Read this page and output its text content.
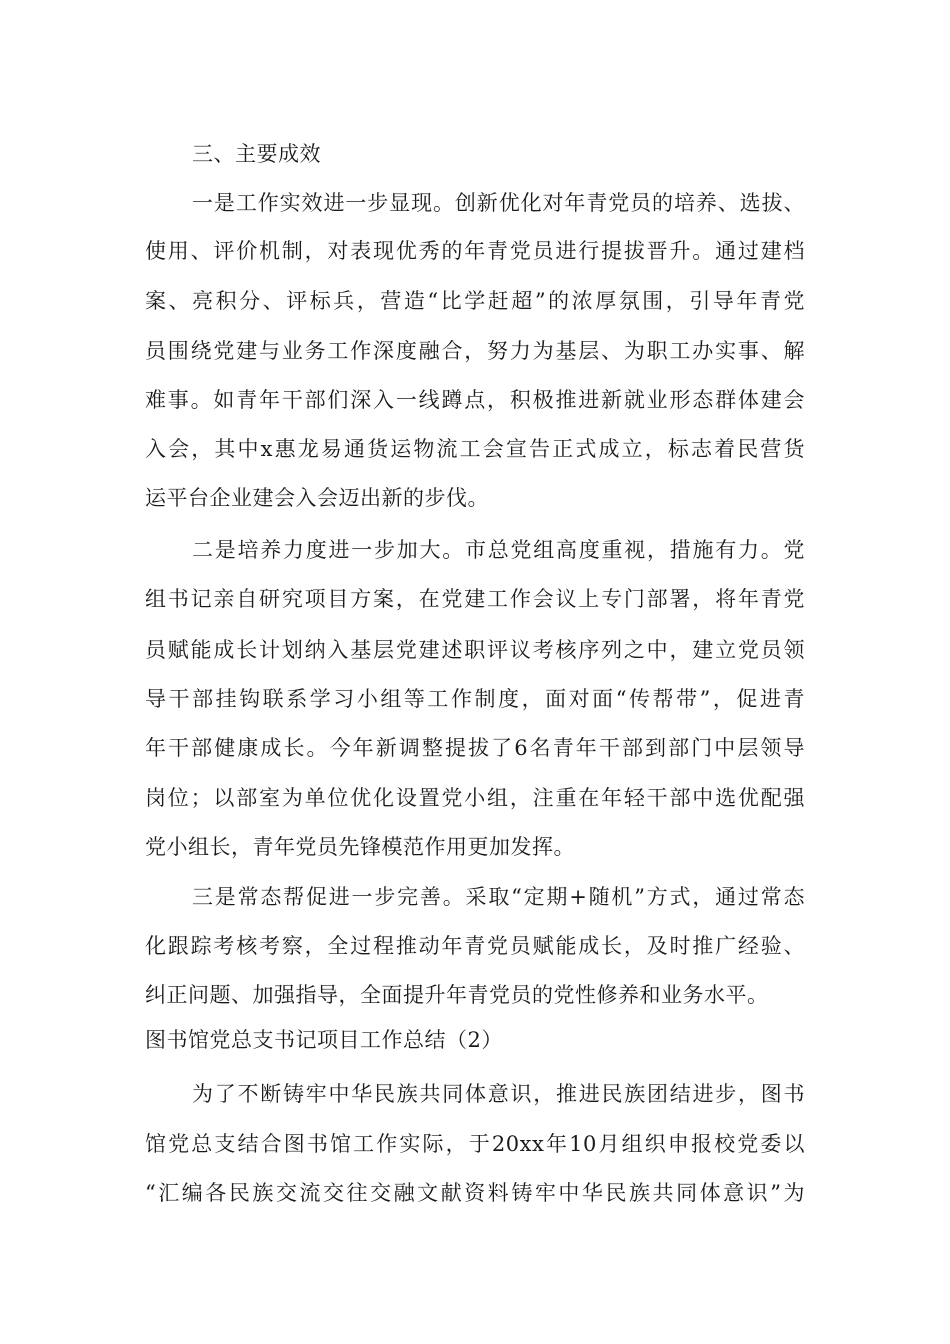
三、主要成效
一是工作实效进一步显现。创新优化对年青党员的培养、选拔、
使用、评价机制，对表现优秀的年青党员进行提拔晋升。通过建档
案、亮积分、评标兵，营造“比学赶超”的浓厚氛围，引导年青党
员围绕党建与业务工作深度融合，努力为基层、为职工办实事、解
难事。如青年干部们深入一线蹲点，积极推进新就业形态群体建会
入会，其中x惠龙易通货运物流工会宣告正式成立，标志着民营货
运平台企业建会入会迈出新的步伐。
二是培养力度进一步加大。市总党组高度重视，措施有力。党
组书记亲自研究项目方案，在党建工作会议上专门部署，将年青党
员赋能成长计划纳入基层党建述职评议考核序列之中，建立党员领
导干部挂钩联系学习小组等工作制度，面对面“传帮带”，促进青
年干部健康成长。今年新调整提拔了6名青年干部到部门中层领导
岗位；以部室为单位优化设置党小组，注重在年轻干部中选优配强
党小组长，青年党员先锋模范作用更加发挥。
三是常态帮促进一步完善。采取“定期+随机”方式，通过常态
化跟踪考核考察，全过程推动年青党员赋能成长，及时推广经验、
纠正问题、加强指导，全面提升年青党员的党性修养和业务水平。
图书馆党总支书记项目工作总结（2）
为了不断铸牢中华民族共同体意识，推进民族团结进步，图书
馆党总支结合图书馆工作实际，于20xx年10月组织申报校党委以
“汇编各民族交流交往交融文献资料铸牢中华民族共同体意识”为
